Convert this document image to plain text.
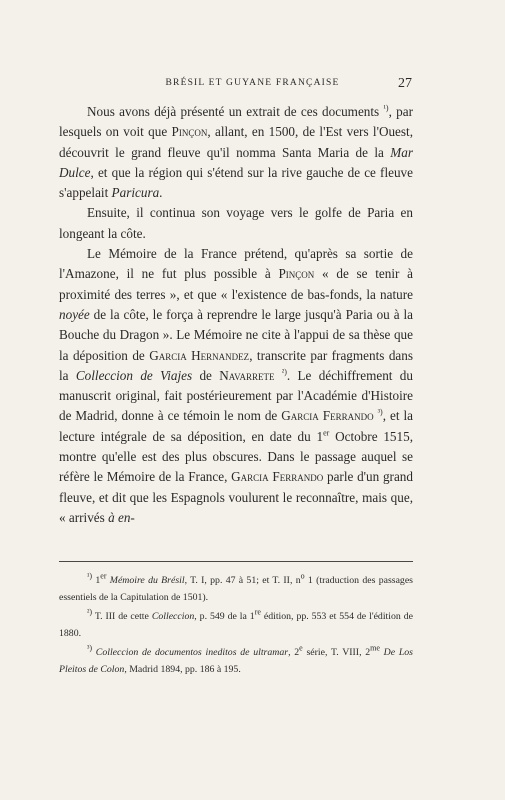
BRÉSIL ET GUYANE FRANÇAISE	27

Nous avons déjà présenté un extrait de ces documents $^{^1)}$, par lesquels on voit que Pinçon, allant, en 1500, de l'Est vers l'Ouest, découvrit le grand fleuve qu'il nomma Santa Maria de la Mar Dulce, et que la région qui s'étend sur la rive gauche de ce fleuve s'appelait Paricura.

Ensuite, il continua son voyage vers le golfe de Paria en longeant la côte.

Le Mémoire de la France prétend, qu'après sa sortie de l'Amazone, il ne fut plus possible à Pinçon « de se tenir à proximité des terres », et que « l'existence de bas-fonds, la nature noyée de la côte, le força à reprendre le large jusqu'à Paria ou à la Bouche du Dragon ». Le Mémoire ne cite à l'appui de sa thèse que la déposition de Garcia Hernandez, transcrite par fragments dans la Colleccion de Viajes de Navarrete $^{^2)}$. Le déchiffrement du manuscrit original, fait postérieurement par l'Académie d'Histoire de Madrid, donne à ce témoin le nom de Garcia Ferrando $^{^3)}$, et la lecture intégrale de sa déposition, en date du 1er Octobre 1515, montre qu'elle est des plus obscures. Dans le passage auquel se réfère le Mémoire de la France, Garcia Ferrando parle d'un grand fleuve, et dit que les Espagnols voulurent le reconnaître, mais que, « arrivés à en-

$^{^1)}$ 1er Mémoire du Brésil, T. I, pp. 47 à 51; et T. II, $n^o$ 1 (traduction des passages essentiels de la Capitulation de 1501).

$^{^2)}$ T. III de cette Colleccion, p. 549 de la 1re édition, pp. 553 et 554 de l'édition de 1880.

$^{^3)}$ Colleccion de documentos ineditos de ultramar, 2e série, T. VIII, $2^{me}$ De Los Pleitos de Colon, Madrid 1894, pp. 186 à 195.
